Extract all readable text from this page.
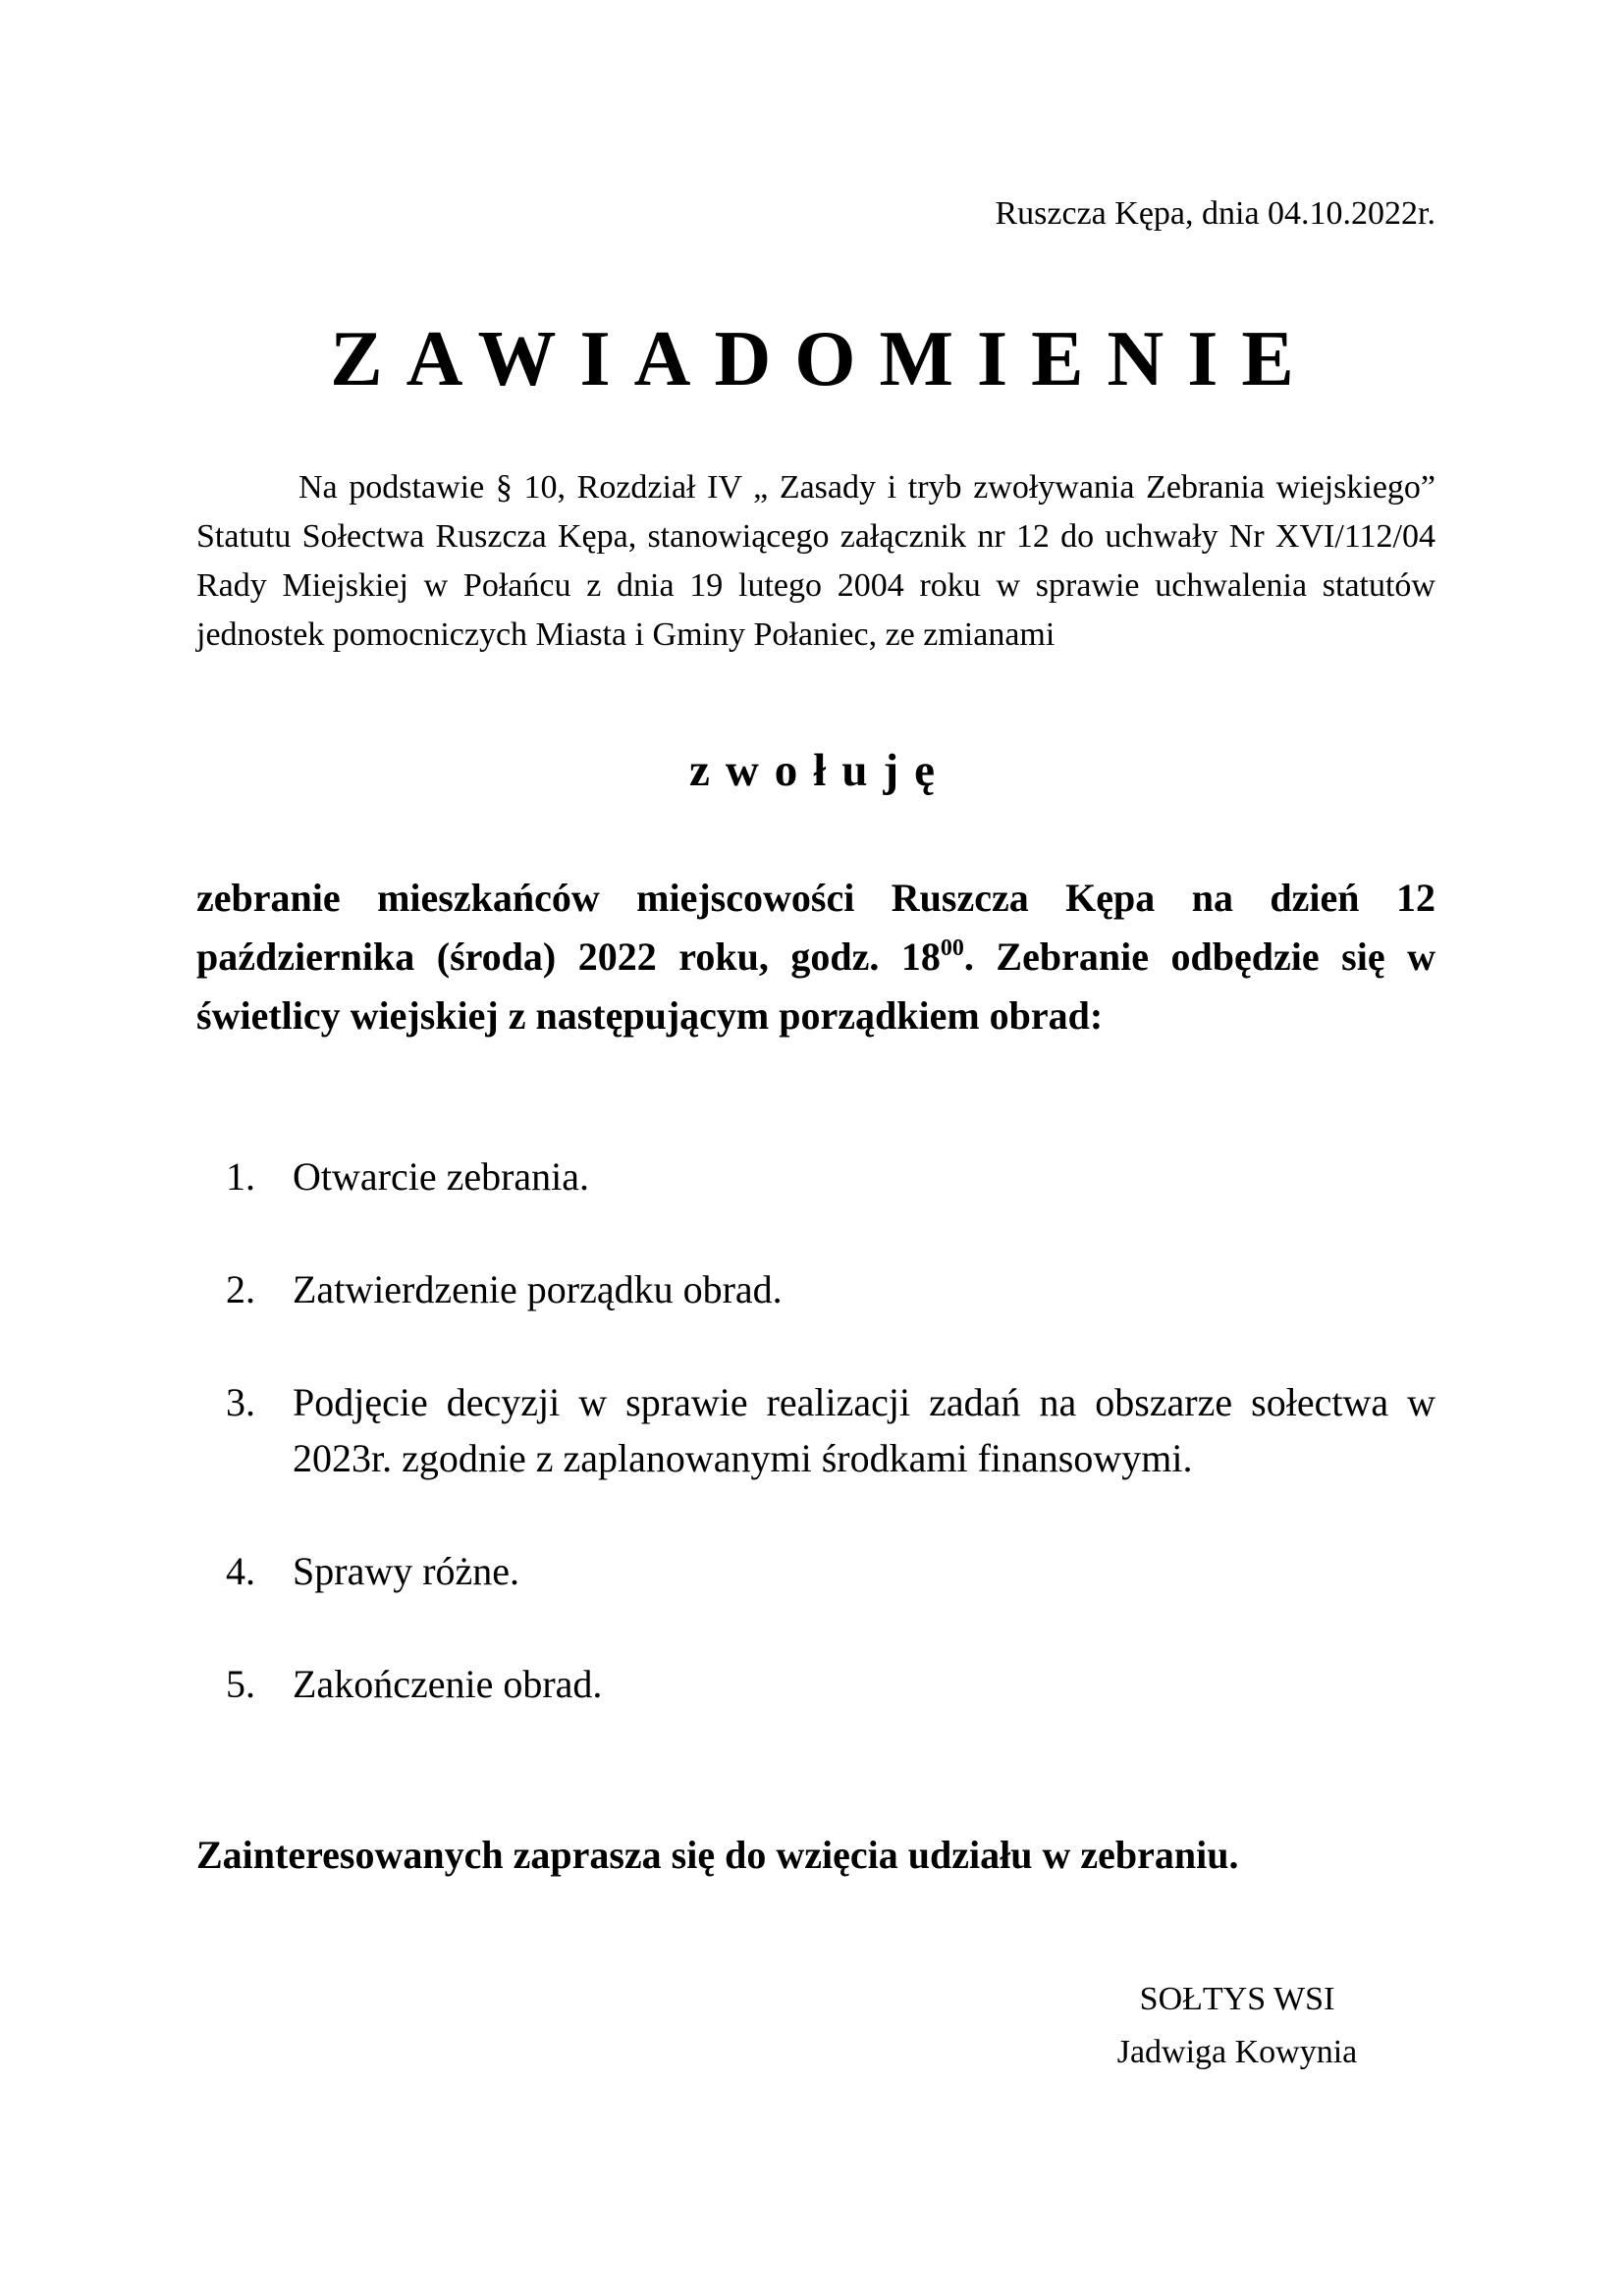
Ruszcza Kępa, dnia 04.10.2022r.
ZAWIADOMIENIE
Na podstawie § 10, Rozdział IV „ Zasady i tryb zwoływania Zebrania wiejskiego” Statutu Sołectwa Ruszcza Kępa, stanowiącego załącznik nr 12 do uchwały Nr XVI/112/04 Rady Miejskiej w Połańcu z dnia 19 lutego 2004 roku w sprawie uchwalenia statutów jednostek pomocniczych Miasta i Gminy Połaniec, ze zmianami
zwołuję
zebranie mieszkańców miejscowości Ruszcza Kępa na dzień 12 października (środa) 2022 roku, godz. $18^{00}$. Zebranie odbędzie się w świetlicy wiejskiej z następującym porządkiem obrad:
1. Otwarcie zebrania.
2. Zatwierdzenie porządku obrad.
3. Podjęcie decyzji w sprawie realizacji zadań na obszarze sołectwa w 2023r. zgodnie z zaplanowanymi środkami finansowymi.
4. Sprawy różne.
5. Zakończenie obrad.
Zainteresowanych zaprasza się do wzięcia udziału w zebraniu.
SOŁTYS WSI
Jadwiga Kowynia
